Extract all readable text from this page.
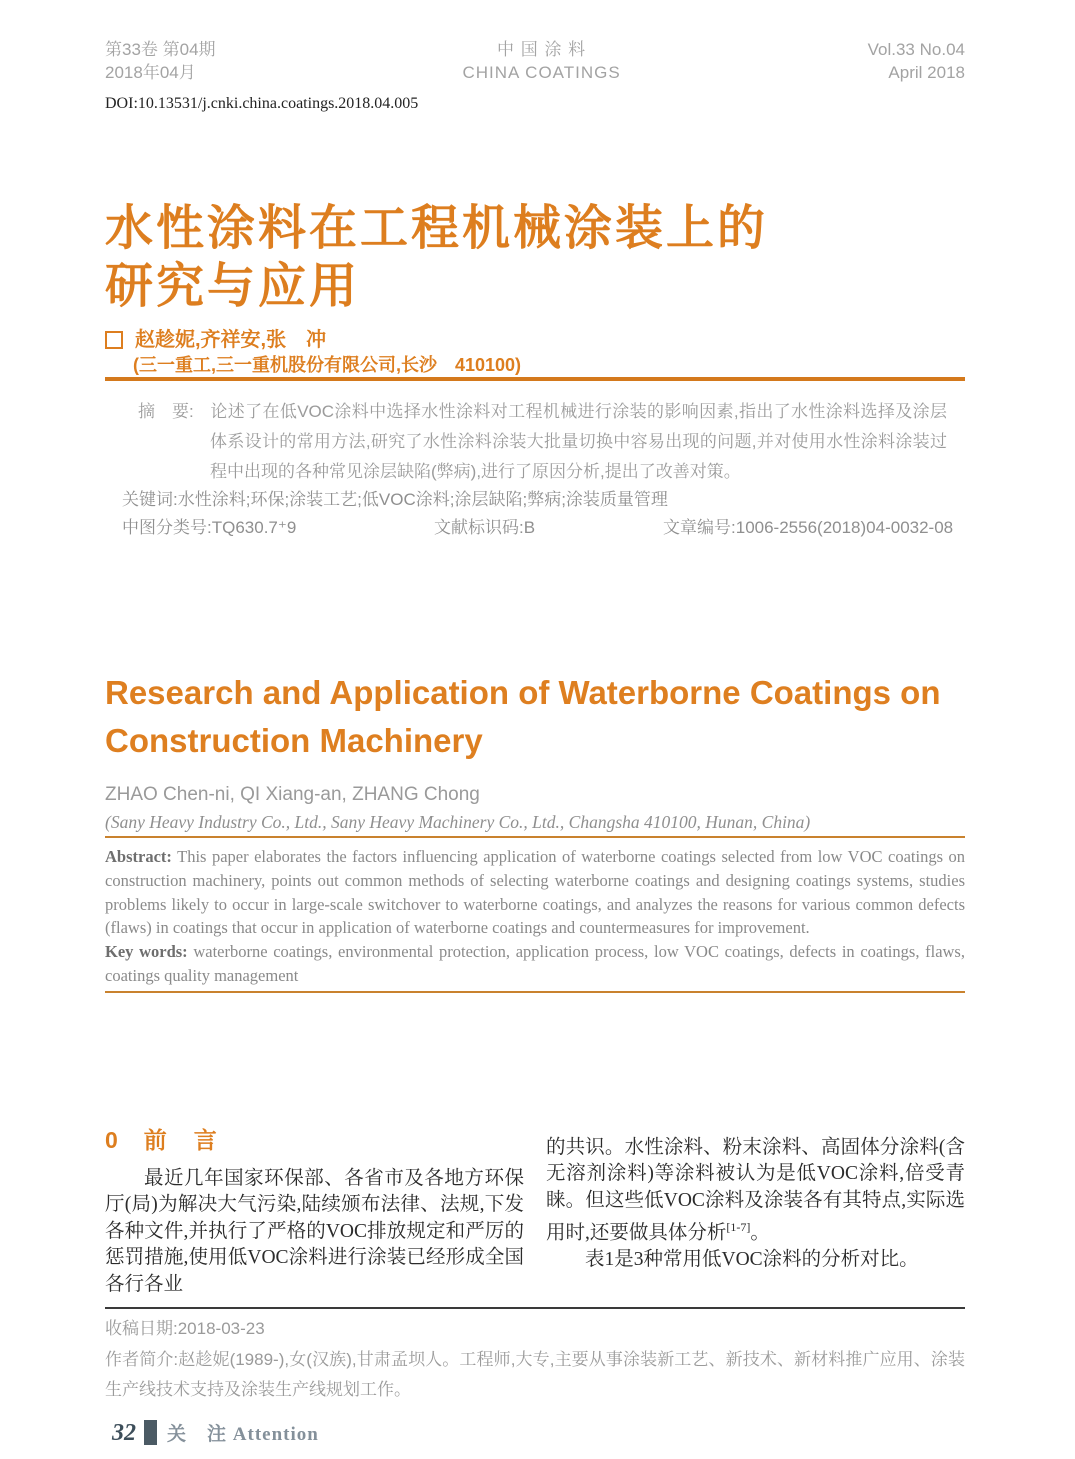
第33卷 第04期
2018年04月
中 国 涂 料
CHINA COATINGS
Vol.33 No.04
April 2018
DOI:10.13531/j.cnki.china.coatings.2018.04.005
水性涂料在工程机械涂装上的
研究与应用
赵趁妮,齐祥安,张　冲
(三一重工,三一重机股份有限公司,长沙　410100)

摘　要: 论述了在低VOC涂料中选择水性涂料对工程机械进行涂装的影响因素,指出了水性涂料选择及涂层体系设计的常用方法,研究了水性涂料涂装大批量切换中容易出现的问题,并对使用水性涂料涂装过程中出现的各种常见涂层缺陷(弊病),进行了原因分析,提出了改善对策。

关键词:水性涂料;环保;涂装工艺;低VOC涂料;涂层缺陷;弊病;涂装质量管理
中图分类号:TQ630.7⁺9	文献标识码:B	文章编号:1006-2556(2018)04-0032-08
Research and Application of Waterborne Coatings on
Construction Machinery
ZHAO Chen-ni, QI Xiang-an, ZHANG Chong
(Sany Heavy Industry Co., Ltd., Sany Heavy Machinery Co., Ltd., Changsha 410100, Hunan, China)

Abstract: This paper elaborates the factors influencing application of waterborne coatings selected from low VOC coatings on construction machinery, points out common methods of selecting waterborne coatings and designing coatings systems, studies problems likely to occur in large-scale switchover to waterborne coatings, and analyzes the reasons for various common defects (flaws) in coatings that occur in application of waterborne coatings and countermeasures for improvement.

Key words: waterborne coatings, environmental protection, application process, low VOC coatings, defects in coatings, flaws, coatings quality management

0 前　言

最近几年国家环保部、各省市及各地方环保厅(局)为解决大气污染,陆续颁布法律、法规,下发各种文件,并执行了严格的VOC排放规定和严厉的惩罚措施,使用低VOC涂料进行涂装已经形成全国各行各业

的共识。水性涂料、粉末涂料、高固体分涂料(含无溶剂涂料)等涂料被认为是低VOC涂料,倍受青睐。但这些低VOC涂料及涂装各有其特点,实际选用时,还要做具体分析[1-7]。

表1是3种常用低VOC涂料的分析对比。

收稿日期:2018-03-23

作者简介:赵趁妮(1989-),女(汉族),甘肃孟坝人。工程师,大专,主要从事涂装新工艺、新技术、新材料推广应用、涂装生产线技术支持及涂装生产线规划工作。

32 关　注 Attention
